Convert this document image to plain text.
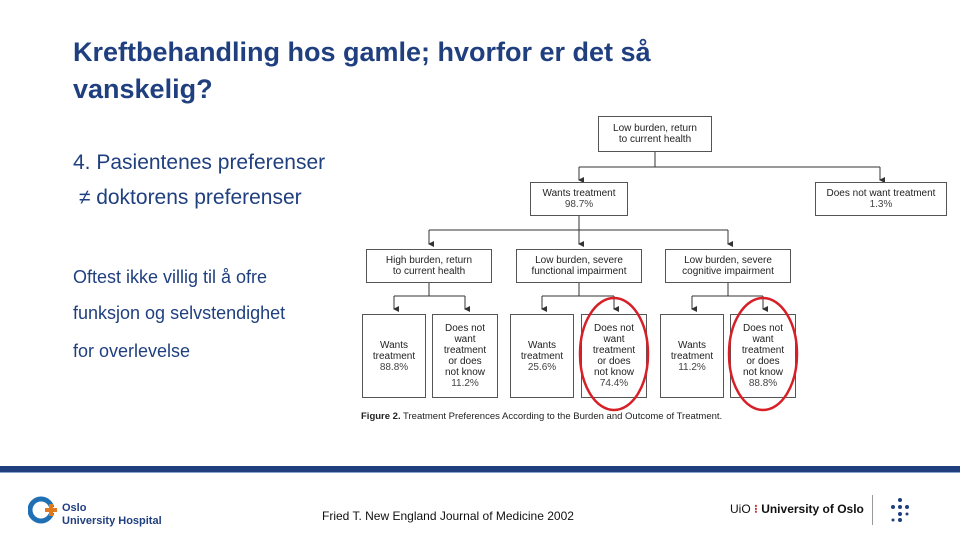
Kreftbehandling hos gamle; hvorfor er det så vanskelig?
4. Pasientenes preferenser
≠ doktorens preferenser
Oftest ikke villig til å ofre
funksjon og selvstendighet
for overlevelse
Low burden, return
to current health
Wants treatment
98.7%
Does not want treatment
1.3%
High burden, return
to current health
Low burden, severe
functional impairment
Low burden, severe
cognitive impairment
Wants
treatment
88.8%
Does not
want
treatment
or does
not know
11.2%
Wants
treatment
25.6%
Does not
want
treatment
or does
not know
74.4%
Wants
treatment
11.2%
Does not
want
treatment
or does
not know
88.8%
Figure 2. Treatment Preferences According to the Burden and Outcome of Treatment.
Oslo
University Hospital	Fried T. New England Journal of Medicine 2002	UiO ⁝ University of Oslo
